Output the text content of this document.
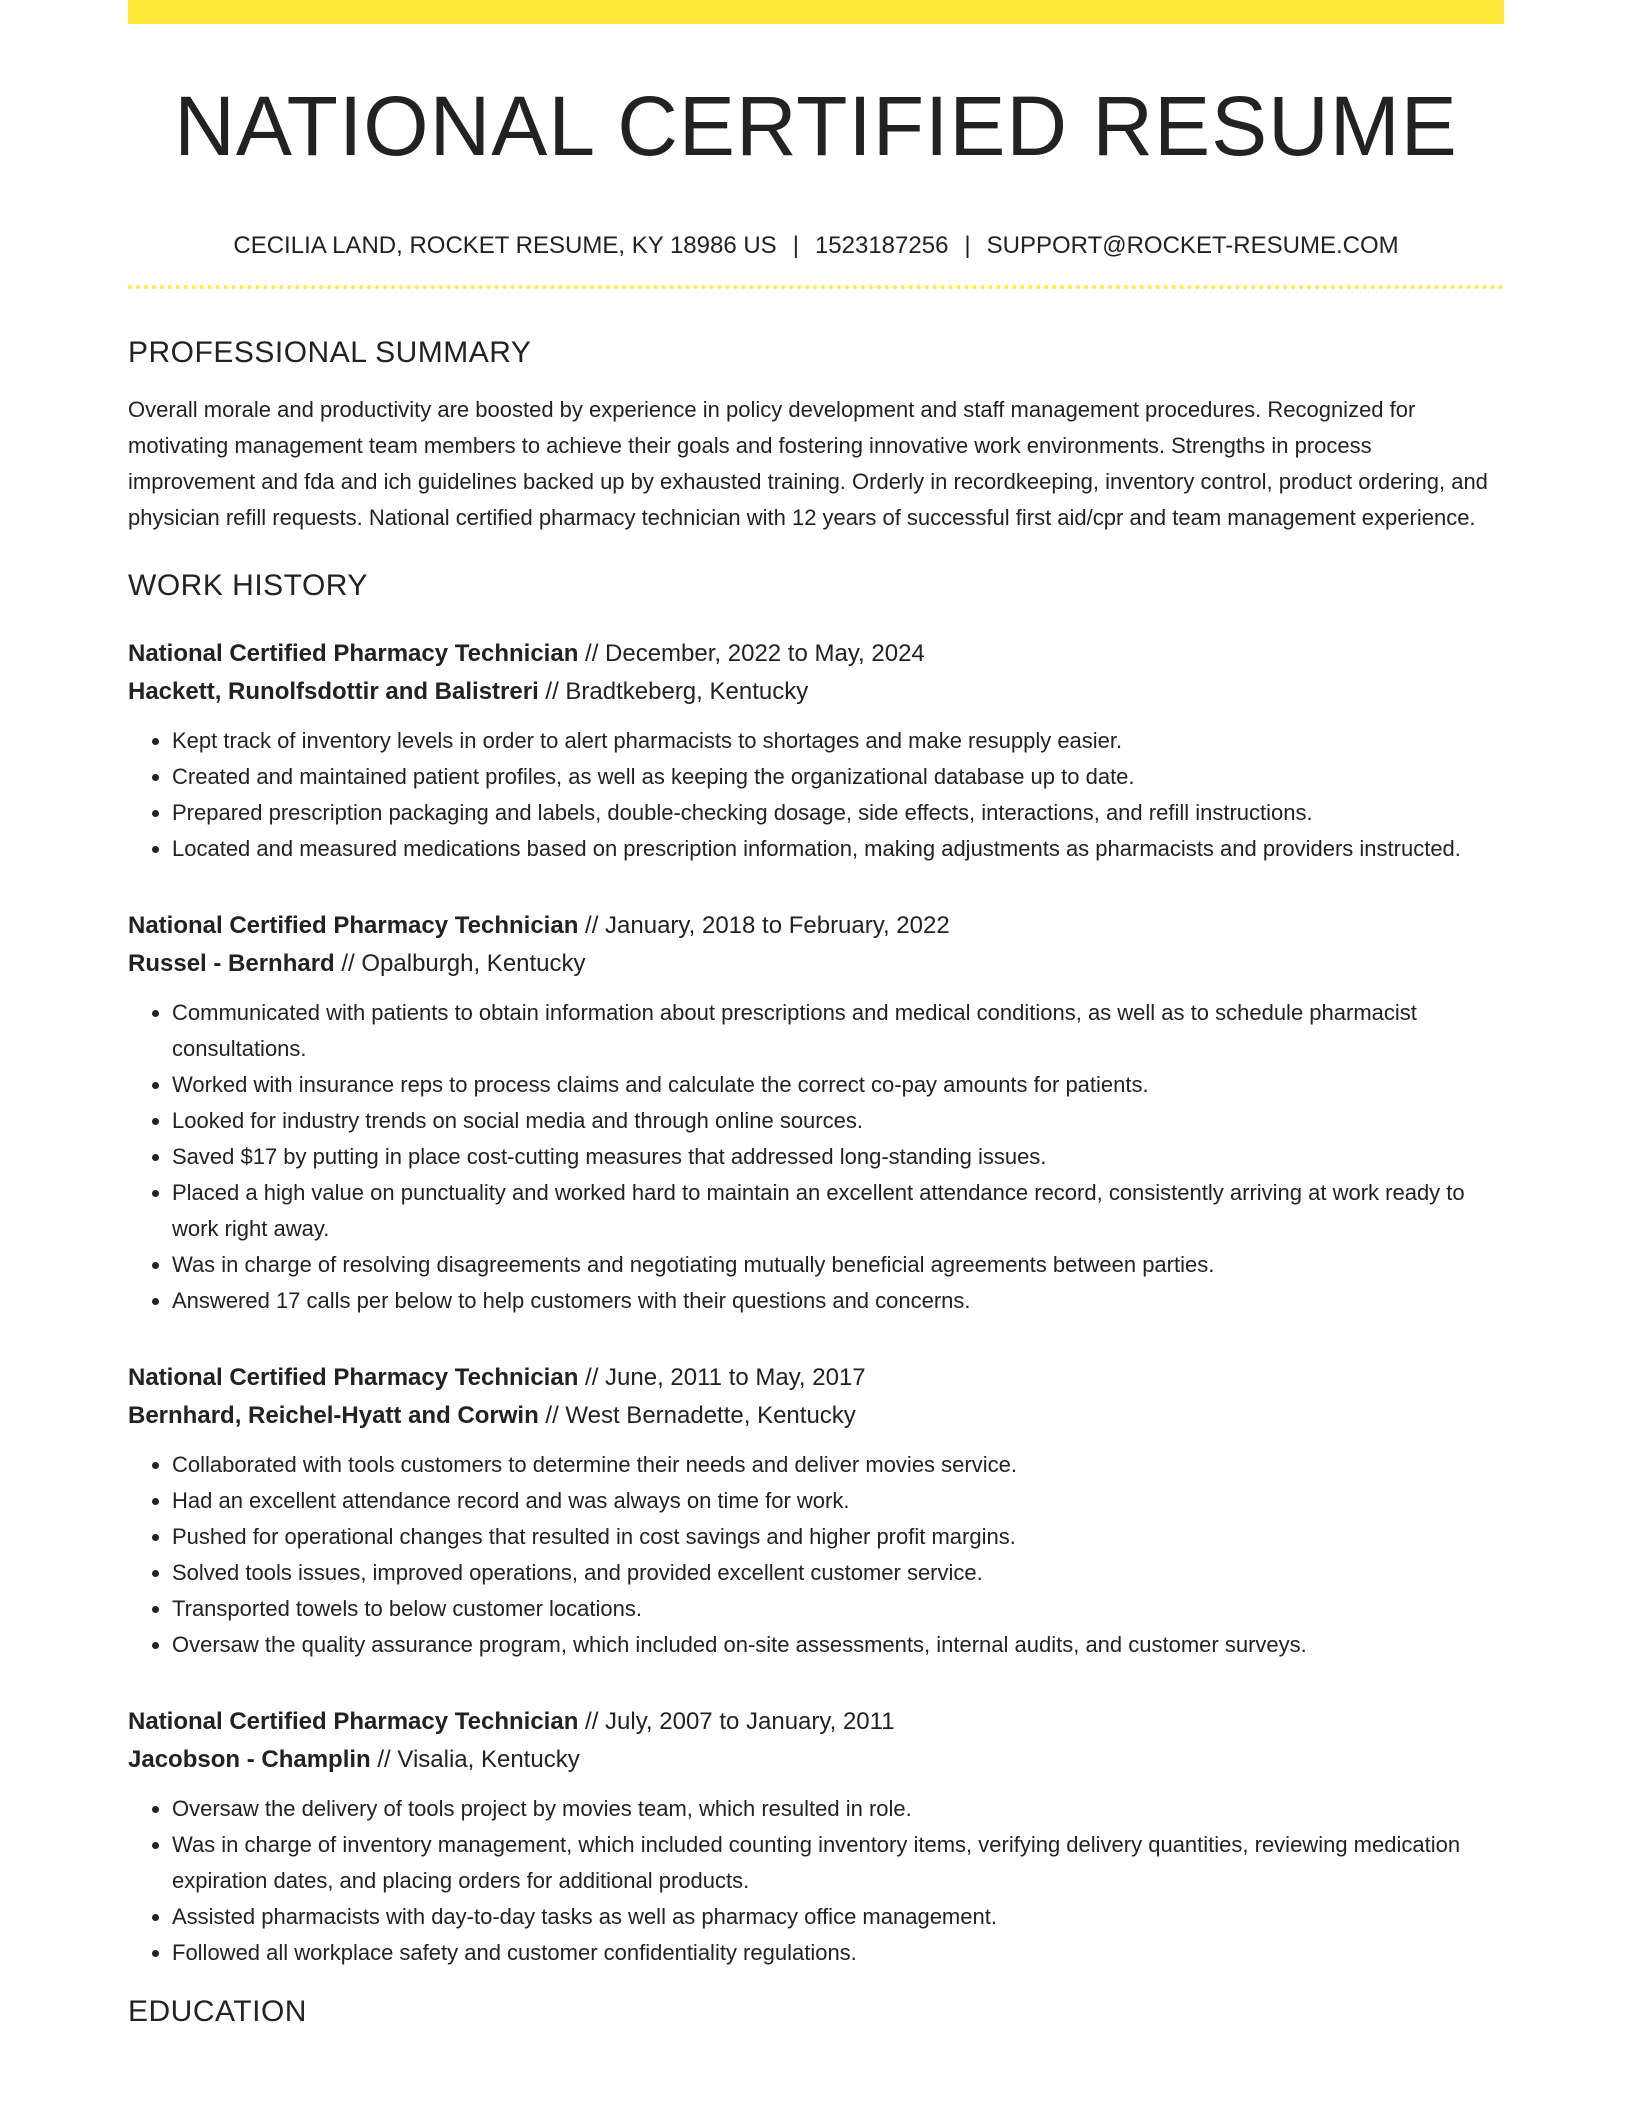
NATIONAL CERTIFIED RESUME
CECILIA LAND, ROCKET RESUME, KY 18986 US | 1523187256 | SUPPORT@ROCKET-RESUME.COM
PROFESSIONAL SUMMARY

Overall morale and productivity are boosted by experience in policy development and staff management procedures. Recognized for motivating management team members to achieve their goals and fostering innovative work environments. Strengths in process improvement and fda and ich guidelines backed up by exhausted training. Orderly in recordkeeping, inventory control, product ordering, and physician refill requests. National certified pharmacy technician with 12 years of successful first aid/cpr and team management experience.

WORK HISTORY
National Certified Pharmacy Technician // December, 2022 to May, 2024
Hackett, Runolfsdottir and Balistreri // Bradtkeberg, Kentucky
• Kept track of inventory levels in order to alert pharmacists to shortages and make resupply easier.
• Created and maintained patient profiles, as well as keeping the organizational database up to date.
• Prepared prescription packaging and labels, double-checking dosage, side effects, interactions, and refill instructions.
• Located and measured medications based on prescription information, making adjustments as pharmacists and providers instructed.
National Certified Pharmacy Technician // January, 2018 to February, 2022
Russel - Bernhard // Opalburgh, Kentucky
• Communicated with patients to obtain information about prescriptions and medical conditions, as well as to schedule pharmacist consultations.
• Worked with insurance reps to process claims and calculate the correct co-pay amounts for patients.
• Looked for industry trends on social media and through online sources.
• Saved $17 by putting in place cost-cutting measures that addressed long-standing issues.
• Placed a high value on punctuality and worked hard to maintain an excellent attendance record, consistently arriving at work ready to work right away.
• Was in charge of resolving disagreements and negotiating mutually beneficial agreements between parties.
• Answered 17 calls per below to help customers with their questions and concerns.
National Certified Pharmacy Technician // June, 2011 to May, 2017
Bernhard, Reichel-Hyatt and Corwin // West Bernadette, Kentucky
• Collaborated with tools customers to determine their needs and deliver movies service.
• Had an excellent attendance record and was always on time for work.
• Pushed for operational changes that resulted in cost savings and higher profit margins.
• Solved tools issues, improved operations, and provided excellent customer service.
• Transported towels to below customer locations.
• Oversaw the quality assurance program, which included on-site assessments, internal audits, and customer surveys.
National Certified Pharmacy Technician // July, 2007 to January, 2011
Jacobson - Champlin // Visalia, Kentucky
• Oversaw the delivery of tools project by movies team, which resulted in role.
• Was in charge of inventory management, which included counting inventory items, verifying delivery quantities, reviewing medication expiration dates, and placing orders for additional products.
• Assisted pharmacists with day-to-day tasks as well as pharmacy office management.
• Followed all workplace safety and customer confidentiality regulations.
EDUCATION
